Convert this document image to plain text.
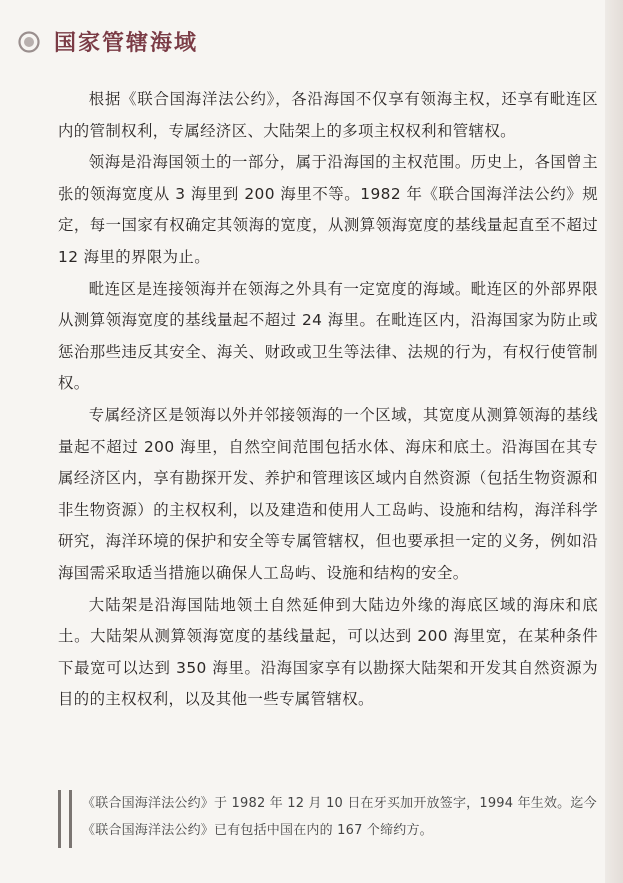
国家管辖海域

根据《联合国海洋法公约》，各沿海国不仅享有领海主权，还享有毗连区内的管制权利，专属经济区、大陆架上的多项主权权利和管辖权。

领海是沿海国领土的一部分，属于沿海国的主权范围。历史上，各国曾主张的领海宽度从 3 海里到 200 海里不等。1982 年《联合国海洋法公约》规定，每一国家有权确定其领海的宽度，从测算领海宽度的基线量起直至不超过 12 海里的界限为止。

毗连区是连接领海并在领海之外具有一定宽度的海域。毗连区的外部界限从测算领海宽度的基线量起不超过 24 海里。在毗连区内，沿海国家为防止或惩治那些违反其安全、海关、财政或卫生等法律、法规的行为，有权行使管制权。

专属经济区是领海以外并邻接领海的一个区域，其宽度从测算领海的基线量起不超过 200 海里，自然空间范围包括水体、海床和底土。沿海国在其专属经济区内，享有勘探开发、养护和管理该区域内自然资源（包括生物资源和非生物资源）的主权权利，以及建造和使用人工岛屿、设施和结构，海洋科学研究，海洋环境的保护和安全等专属管辖权，但也要承担一定的义务，例如沿海国需采取适当措施以确保人工岛屿、设施和结构的安全。

大陆架是沿海国陆地领土自然延伸到大陆边外缘的海底区域的海床和底土。大陆架从测算领海宽度的基线量起，可以达到 200 海里宽，在某种条件下最宽可以达到 350 海里。沿海国家享有以勘探大陆架和开发其自然资源为目的的主权权利，以及其他一些专属管辖权。

《联合国海洋法公约》于 1982 年 12 月 10 日在牙买加开放签字，1994 年生效。迄今《联合国海洋法公约》已有包括中国在内的 167 个缔约方。
